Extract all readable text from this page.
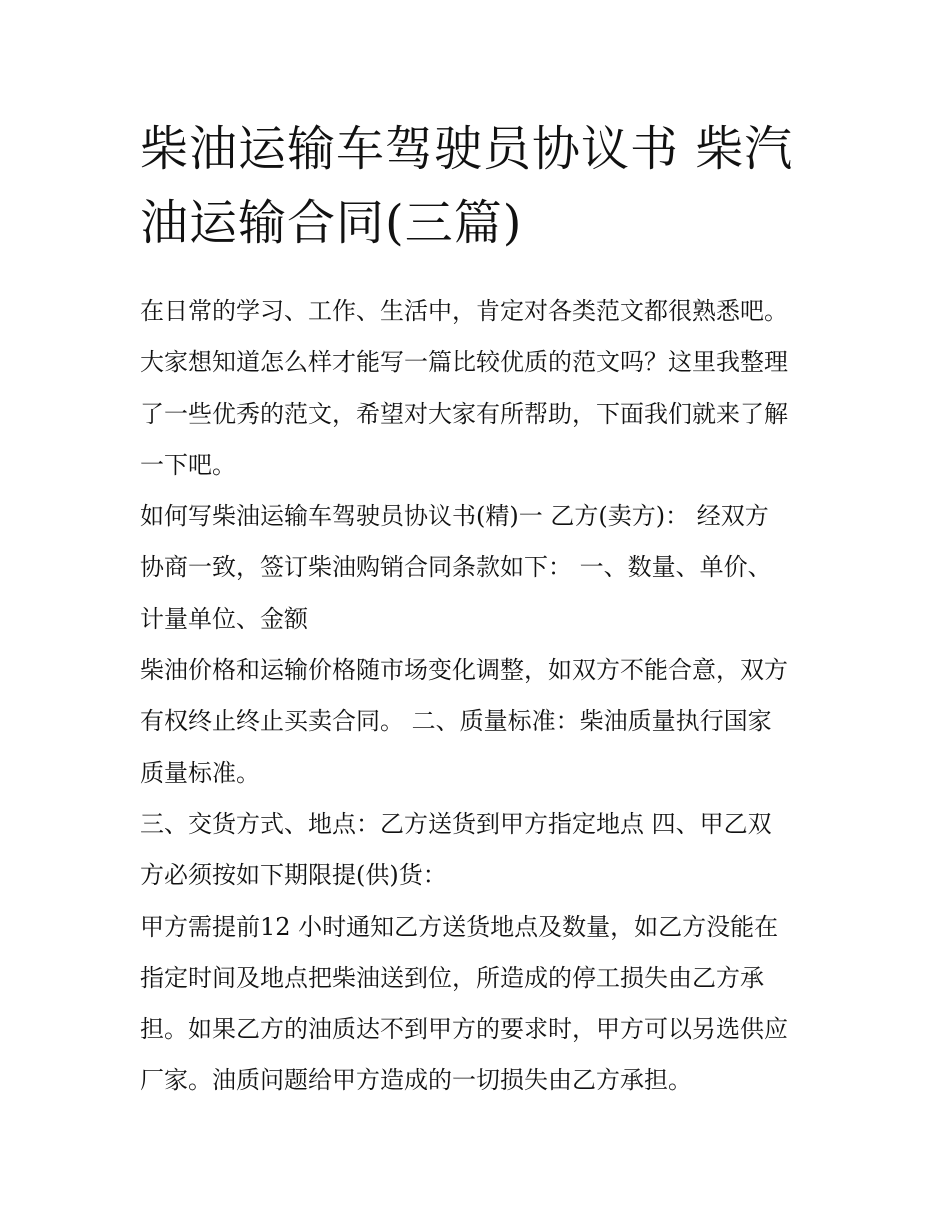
柴油运输车驾驶员协议书 柴汽
油运输合同(三篇)

在日常的学习、工作、生活中，肯定对各类范文都很熟悉吧。
大家想知道怎么样才能写一篇比较优质的范文吗？这里我整理
了一些优秀的范文，希望对大家有所帮助，下面我们就来了解
一下吧。

如何写柴油运输车驾驶员协议书(精)一 乙方(卖方)： 经双方
协商一致，签订柴油购销合同条款如下： 一、数量、单价、
计量单位、金额

柴油价格和运输价格随市场变化调整，如双方不能合意，双方
有权终止终止买卖合同。 二、质量标准：柴油质量执行国家
质量标准。

三、交货方式、地点：乙方送货到甲方指定地点 四、甲乙双
方必须按如下期限提(供)货：

甲方需提前12 小时通知乙方送货地点及数量，如乙方没能在
指定时间及地点把柴油送到位，所造成的停工损失由乙方承
担。如果乙方的油质达不到甲方的要求时，甲方可以另选供应
厂家。油质问题给甲方造成的一切损失由乙方承担。
